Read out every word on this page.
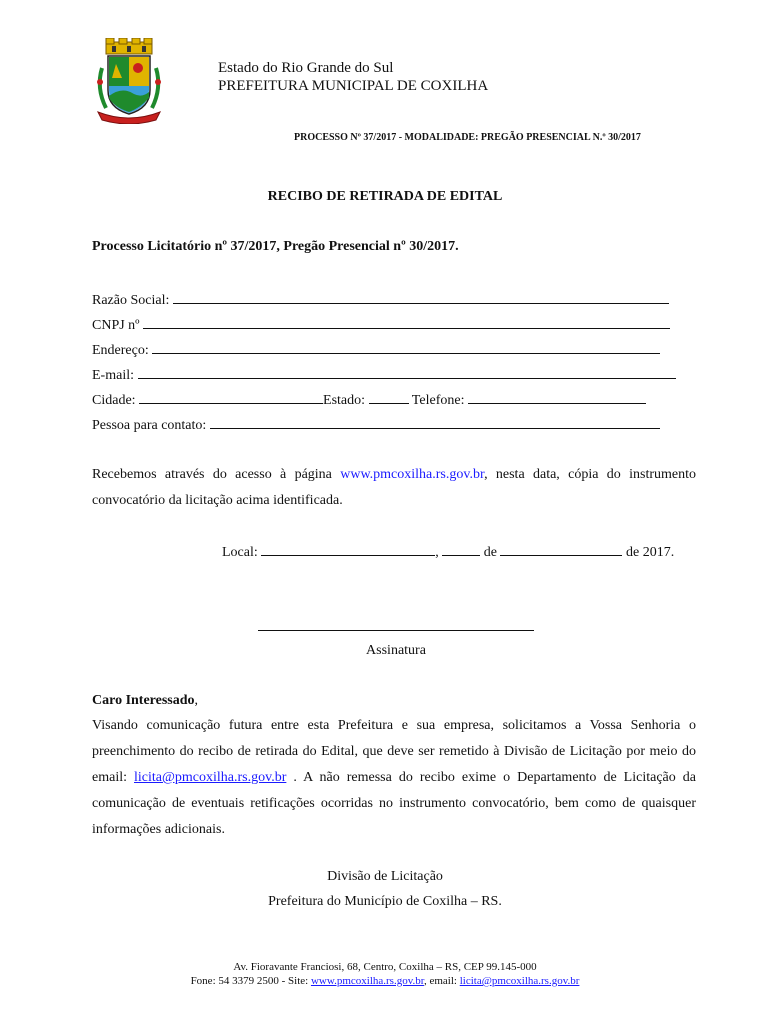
Estado do Rio Grande do Sul
PREFEITURA MUNICIPAL DE COXILHA
PROCESSO Nº 37/2017 - MODALIDADE: PREGÃO PRESENCIAL N.º 30/2017
RECIBO DE RETIRADA DE EDITAL
Processo Licitatório nº 37/2017, Pregão Presencial nº 30/2017.
Razão Social:
CNPJ nº
Endereço:
E-mail:
Cidade:	Estado:	Telefone:
Pessoa para contato:
Recebemos através do acesso à página www.pmcoxilha.rs.gov.br, nesta data, cópia do instrumento convocatório da licitação acima identificada.
Local:	,	de	de 2017.
Assinatura
Caro Interessado,
Visando comunicação futura entre esta Prefeitura e sua empresa, solicitamos a Vossa Senhoria o preenchimento do recibo de retirada do Edital, que deve ser remetido à Divisão de Licitação por meio do email: licita@pmcoxilha.rs.gov.br . A não remessa do recibo exime o Departamento de Licitação da comunicação de eventuais retificações ocorridas no instrumento convocatório, bem como de quaisquer informações adicionais.
Divisão de Licitação
Prefeitura do Município de Coxilha – RS.
Av. Fioravante Franciosi, 68, Centro, Coxilha – RS, CEP 99.145-000
Fone: 54 3379 2500 - Site: www.pmcoxilha.rs.gov.br, email: licita@pmcoxilha.rs.gov.br
